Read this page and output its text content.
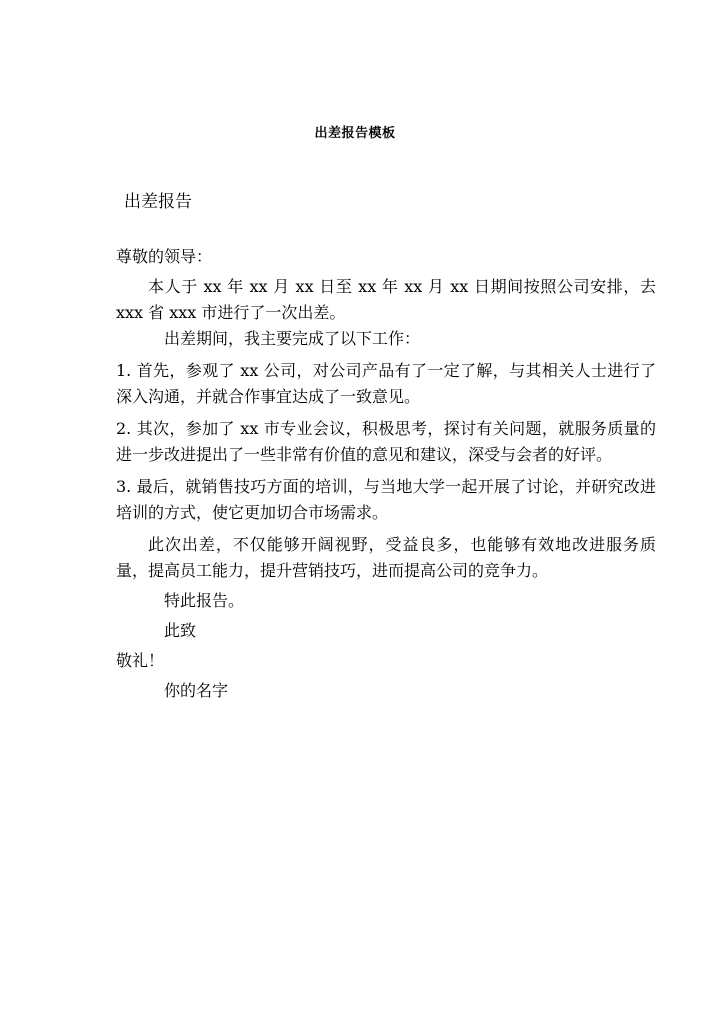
出差报告模板
出差报告

尊敬的领导：

本人于 xx 年 xx 月 xx 日至 xx 年 xx 月 xx 日期间按照公司安排，去 xxx 省 xxx 市进行了一次出差。

出差期间，我主要完成了以下工作：

1. 首先，参观了 xx 公司，对公司产品有了一定了解，与其相关人士进行了深入沟通，并就合作事宜达成了一致意见。

2. 其次，参加了 xx 市专业会议，积极思考，探讨有关问题，就服务质量的进一步改进提出了一些非常有价值的意见和建议，深受与会者的好评。

3. 最后，就销售技巧方面的培训，与当地大学一起开展了讨论，并研究改进培训的方式，使它更加切合市场需求。

此次出差，不仅能够开阔视野，受益良多，也能够有效地改进服务质量，提高员工能力，提升营销技巧，进而提高公司的竞争力。

特此报告。

此致

敬礼！

你的名字
